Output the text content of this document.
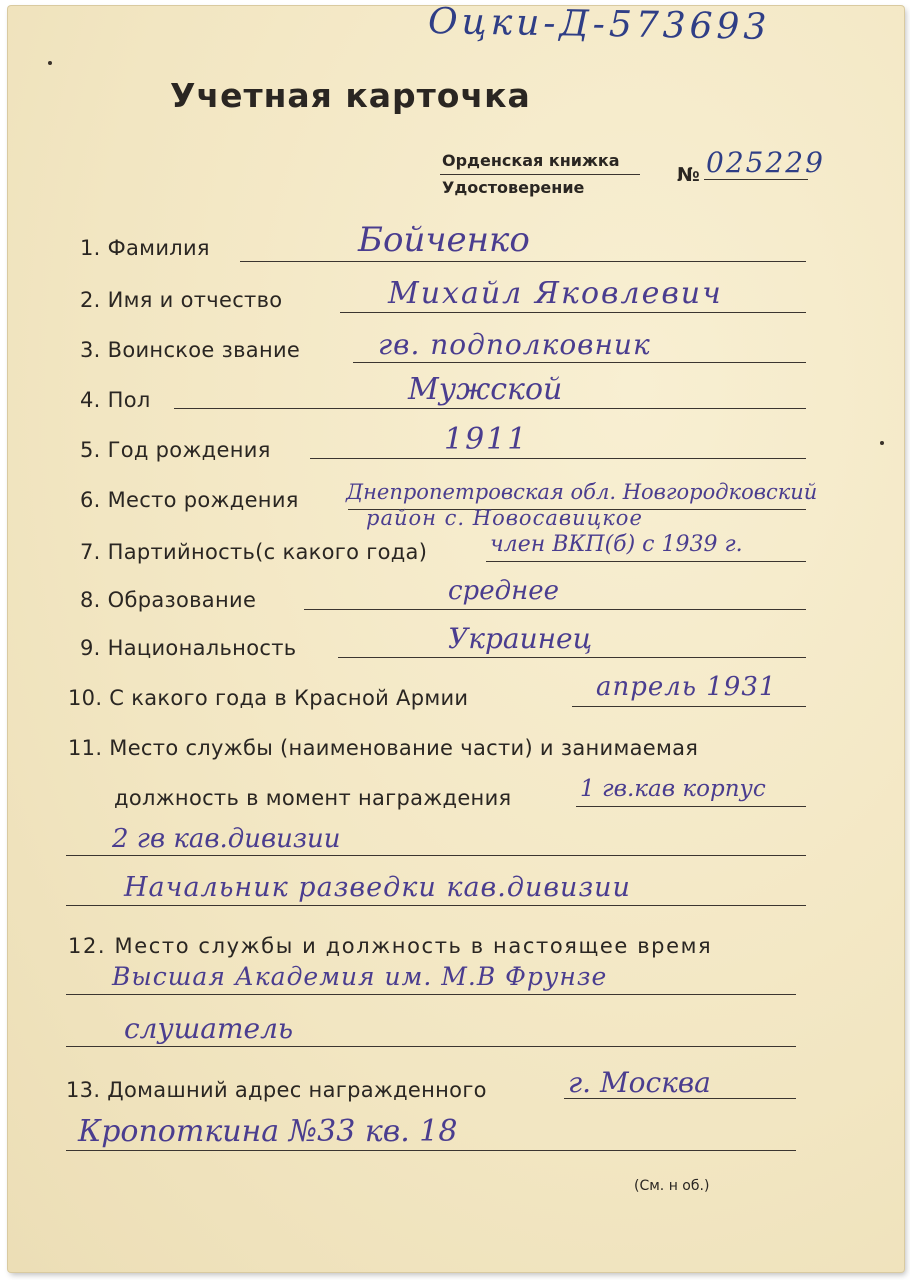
Оцки-Д-573693
Учетная карточка
Орденская книжка
Удостоверение
№ 025229
1. Фамилия	Бойченко
2. Имя и отчество	Михайл Яковлевич
3. Воинское звание	гв. подполковник
4. Пол	Мужской
5. Год рождения	1911
6. Место рождения Днепропетровская обл. Новгородковский
район с. Новосавицкое
7. Партийность(с какого года)	член ВКП(б) с 1939 г.
8. Образование	среднее
9. Национальность	Украинец
10. С какого года в Красной Армии	апрель 1931
11. Место службы (наименование части) и занимаемая
должность в момент награждения	1 гв.кав корпус
2 гв кав.дивизии
Начальник разведки кав.дивизии
12. Место службы и должность в настоящее время
Высшая Академия им. М.В Фрунзе
слушатель
13. Домашний адрес награжденного	г. Москва
Кропоткина №33 кв. 18
(См. н об.)
